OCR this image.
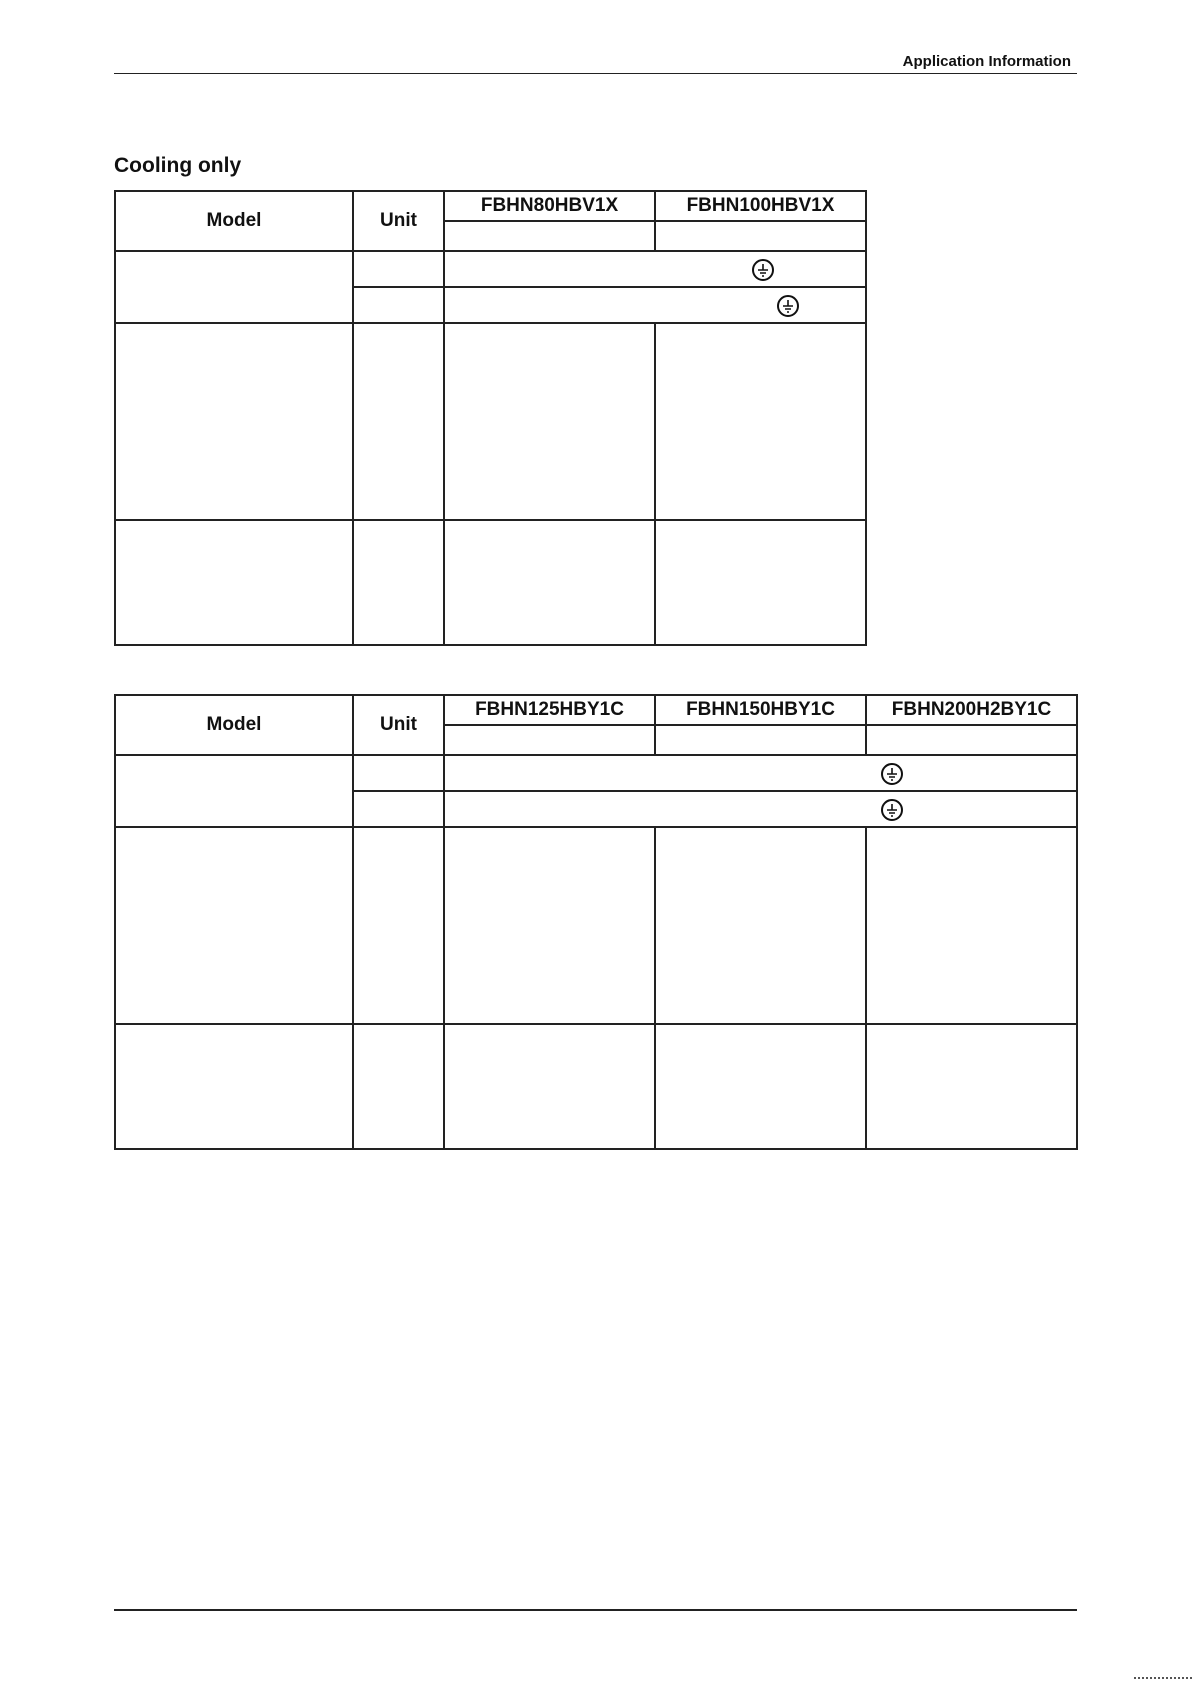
Application Information
Cooling only
Model	Unit	FBHN80HBV1X	FBHN100HBV1X

Model	Unit	FBHN125HBY1C	FBHN150HBY1C	FBHN200H2BY1C
